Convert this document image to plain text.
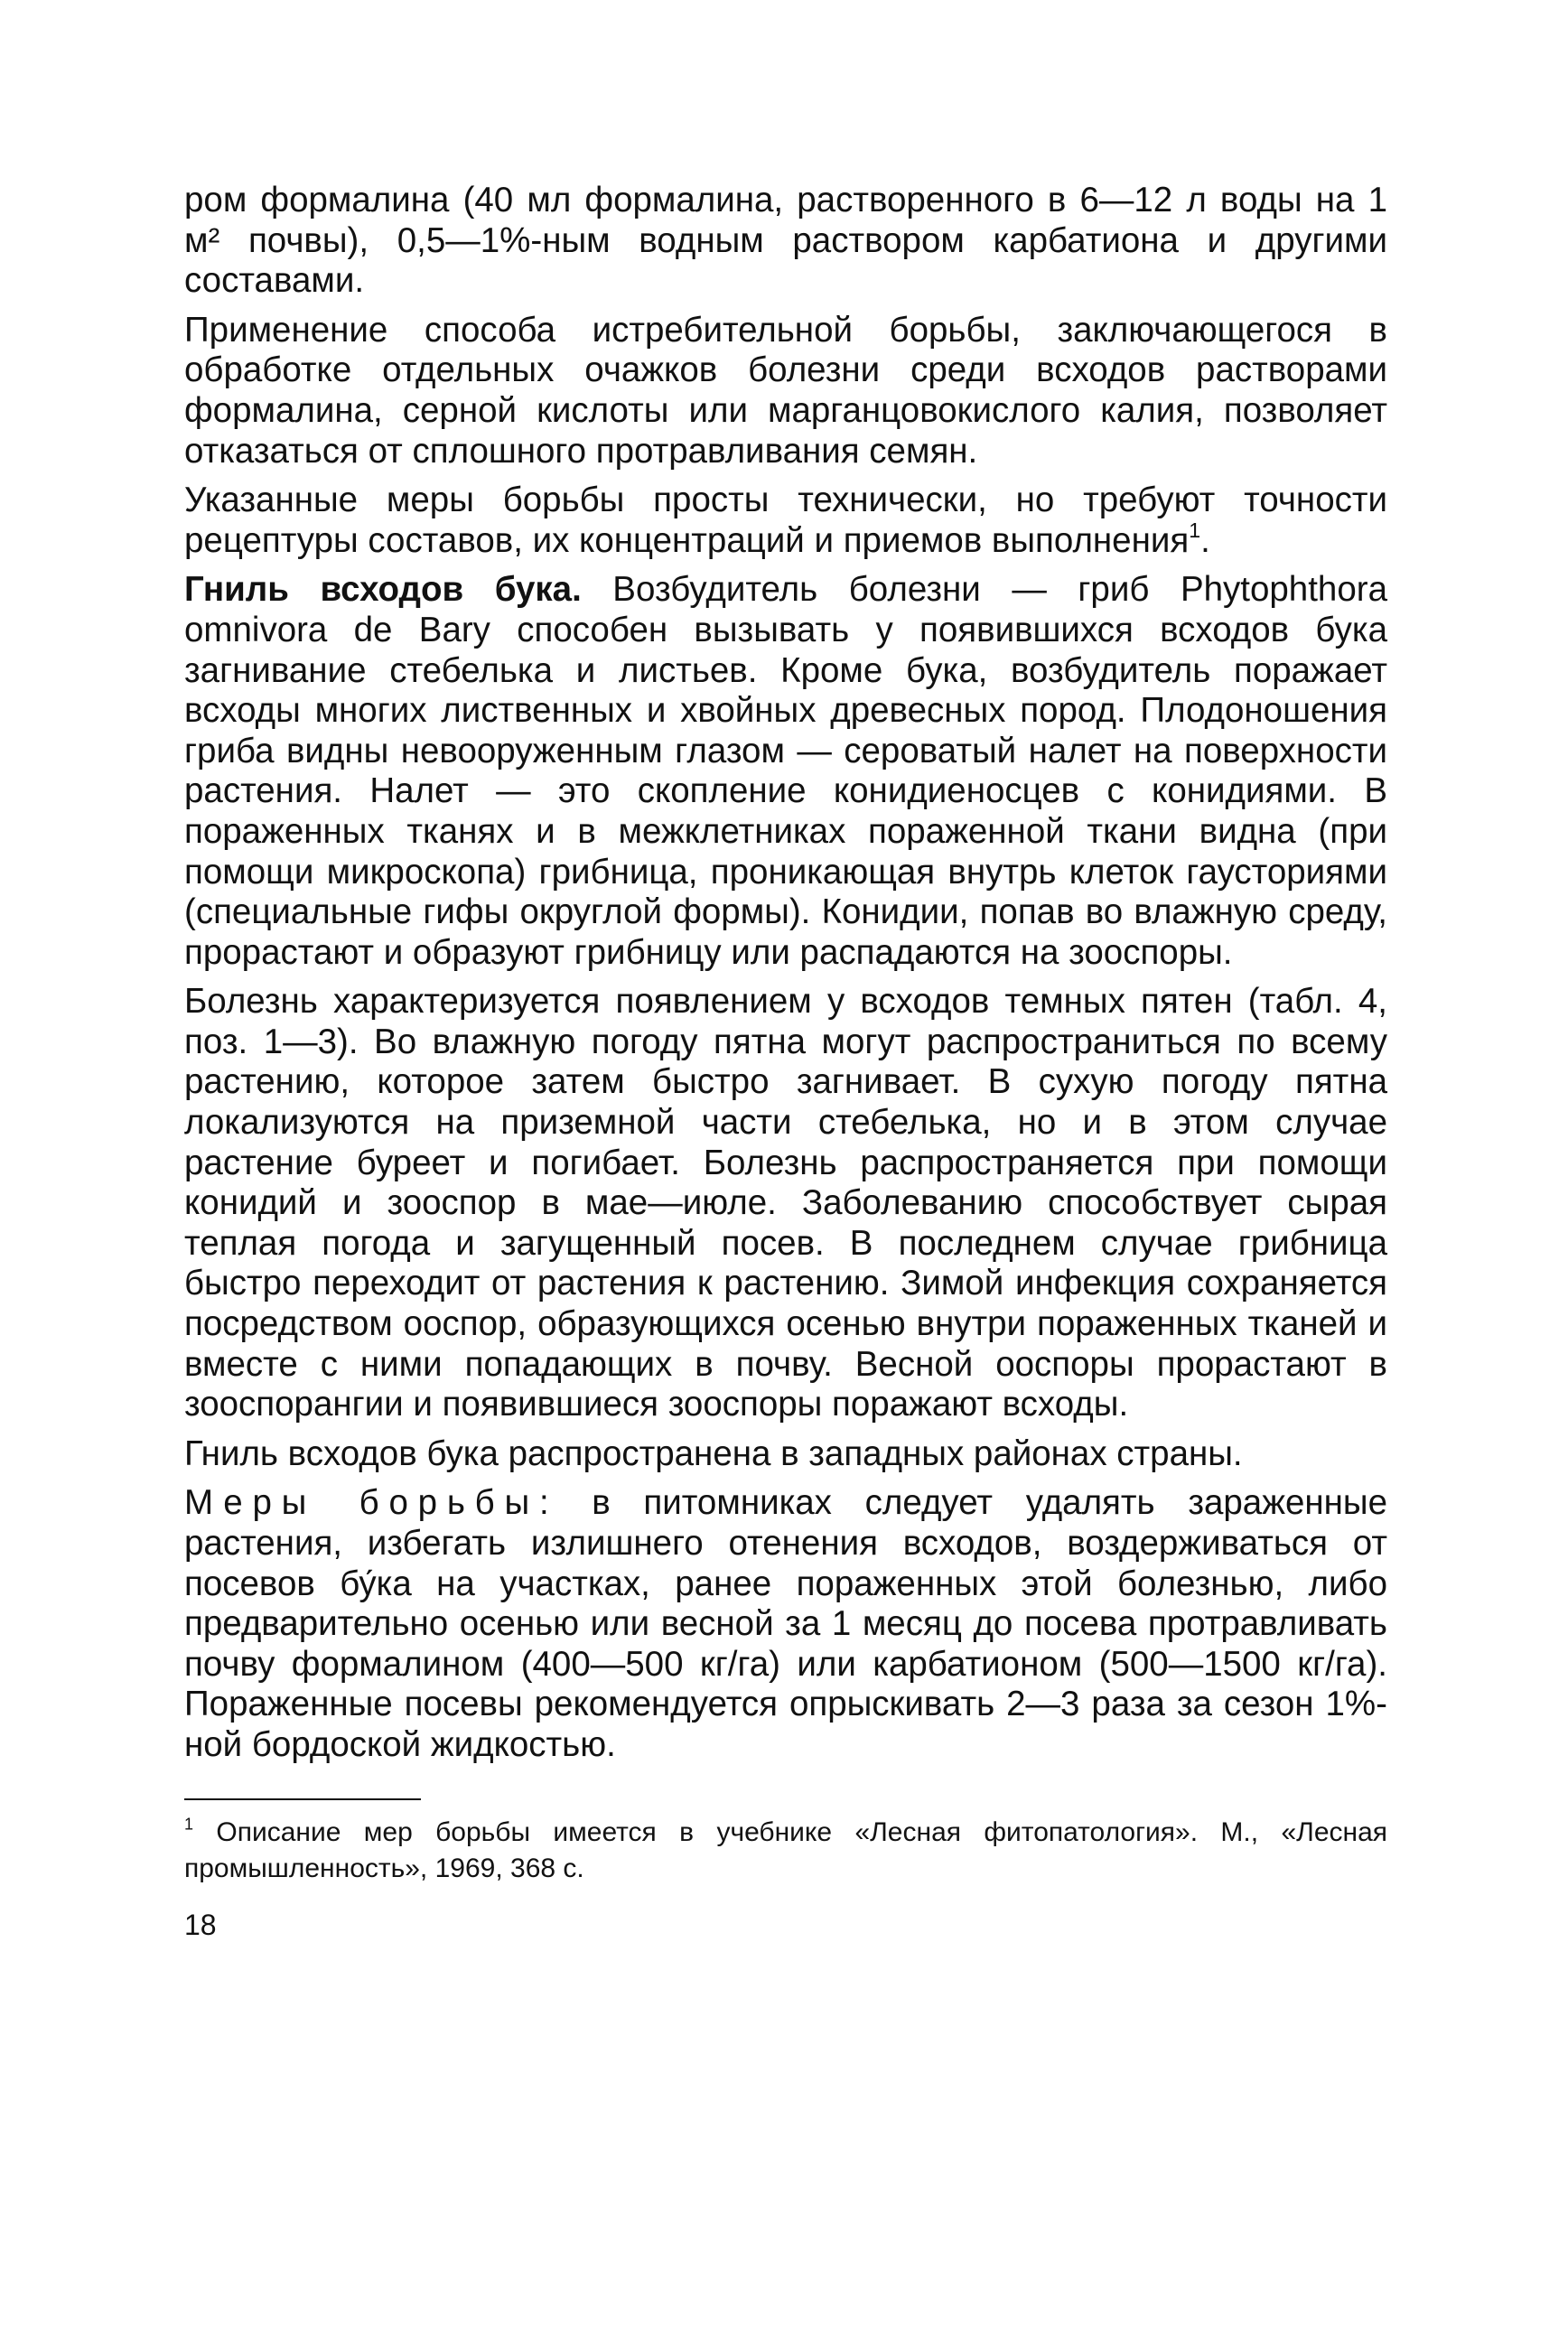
ром формалина (40 мл формалина, растворенного в 6—12 л воды на 1 м² почвы), 0,5—1%-ным водным раствором карбатиона и другими составами.

Применение способа истребительной борьбы, заключающегося в обработке отдельных очажков болезни среди всходов растворами формалина, серной кислоты или марганцовокислого калия, позволяет отказаться от сплошного протравливания семян.

Указанные меры борьбы просты технически, но требуют точности рецептуры составов, их концентраций и приемов выполнения$^1$.

Гниль всходов бука. Возбудитель болезни — гриб Phytophthora omnivora de Bary способен вызывать у появившихся всходов бука загнивание стебелька и листьев. Кроме бука, возбудитель поражает всходы многих лиственных и хвойных древесных пород. Плодоношения гриба видны невооруженным глазом — сероватый налет на поверхности растения. Налет — это скопление конидиеносцев с конидиями. В пораженных тканях и в межклетниках пораженной ткани видна (при помощи микроскопа) грибница, проникающая внутрь клеток гаусториями (специальные гифы округлой формы). Конидии, попав во влажную среду, прорастают и образуют грибницу или распадаются на зооспоры.

Болезнь характеризуется появлением у всходов темных пятен (табл. 4, поз. 1—3). Во влажную погоду пятна могут распространиться по всему растению, которое затем быстро загнивает. В сухую погоду пятна локализуются на приземной части стебелька, но и в этом случае растение буреет и погибает. Болезнь распространяется при помощи конидий и зооспор в мае—июле. Заболеванию способствует сырая теплая погода и загущенный посев. В последнем случае грибница быстро переходит от растения к растению. Зимой инфекция сохраняется посредством ооспор, образующихся осенью внутри пораженных тканей и вместе с ними попадающих в почву. Весной ооспоры прорастают в зооспорангии и появившиеся зооспоры поражают всходы.

Гниль всходов бука распространена в западных районах страны.

Меры борьбы: в питомниках следует удалять зараженные растения, избегать излишнего отенения всходов, воздерживаться от посевов бу́ка на участках, ранее пораженных этой болезнью, либо предварительно осенью или весной за 1 месяц до посева протравливать почву формалином (400—500 кг/га) или карбатионом (500—1500 кг/га). Пораженные посевы рекомендуется опрыскивать 2—3 раза за сезон 1%-ной бордоской жидкостью.

$^1$ Описание мер борьбы имеется в учебнике «Лесная фитопатология». М., «Лесная промышленность», 1969, 368 с.

18
